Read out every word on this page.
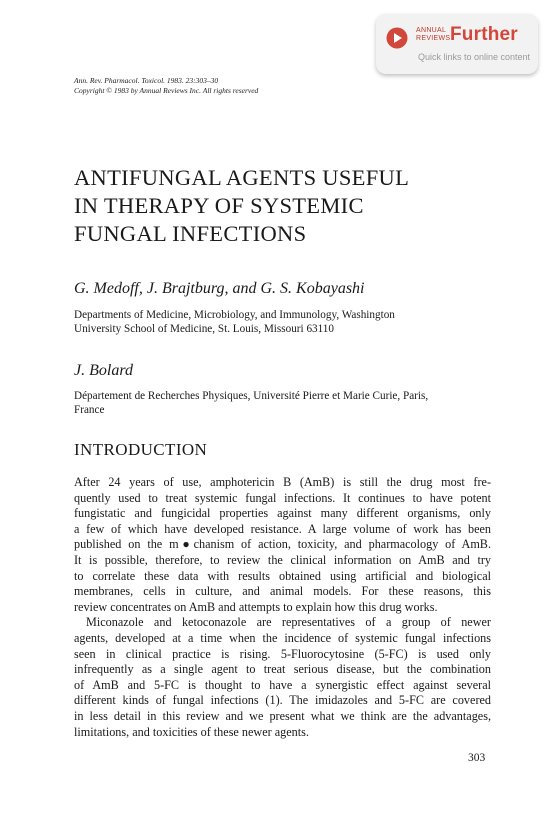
ANNUAL
REVIEWS Further
Quick links to online content
Ann. Rev. Pharmacol. Toxicol. 1983. 23:303–30
Copyright © 1983 by Annual Reviews Inc. All rights reserved
ANTIFUNGAL AGENTS USEFUL
IN THERAPY OF SYSTEMIC
FUNGAL INFECTIONS
G. Medoff, J. Brajtburg, and G. S. Kobayashi
Departments of Medicine, Microbiology, and Immunology, Washington
University School of Medicine, St. Louis, Missouri 63110
J. Bolard
Département de Recherches Physiques, Université Pierre et Marie Curie, Paris,
France
INTRODUCTION
After 24 years of use, amphotericin B (AmB) is still the drug most fre-
quently used to treat systemic fungal infections. It continues to have potent
fungistatic and fungicidal properties against many different organisms, only
a few of which have developed resistance. A large volume of work has been
published on the m●chanism of action, toxicity, and pharmacology of AmB.
It is possible, therefore, to review the clinical information on AmB and try
to correlate these data with results obtained using artificial and biological
membranes, cells in culture, and animal models. For these reasons, this
review concentrates on AmB and attempts to explain how this drug works.
Miconazole and ketoconazole are representatives of a group of newer
agents, developed at a time when the incidence of systemic fungal infections
seen in clinical practice is rising. 5-Fluorocytosine (5-FC) is used only
infrequently as a single agent to treat serious disease, but the combination
of AmB and 5-FC is thought to have a synergistic effect against several
different kinds of fungal infections (1). The imidazoles and 5-FC are covered
in less detail in this review and we present what we think are the advantages,
limitations, and toxicities of these newer agents.
303
